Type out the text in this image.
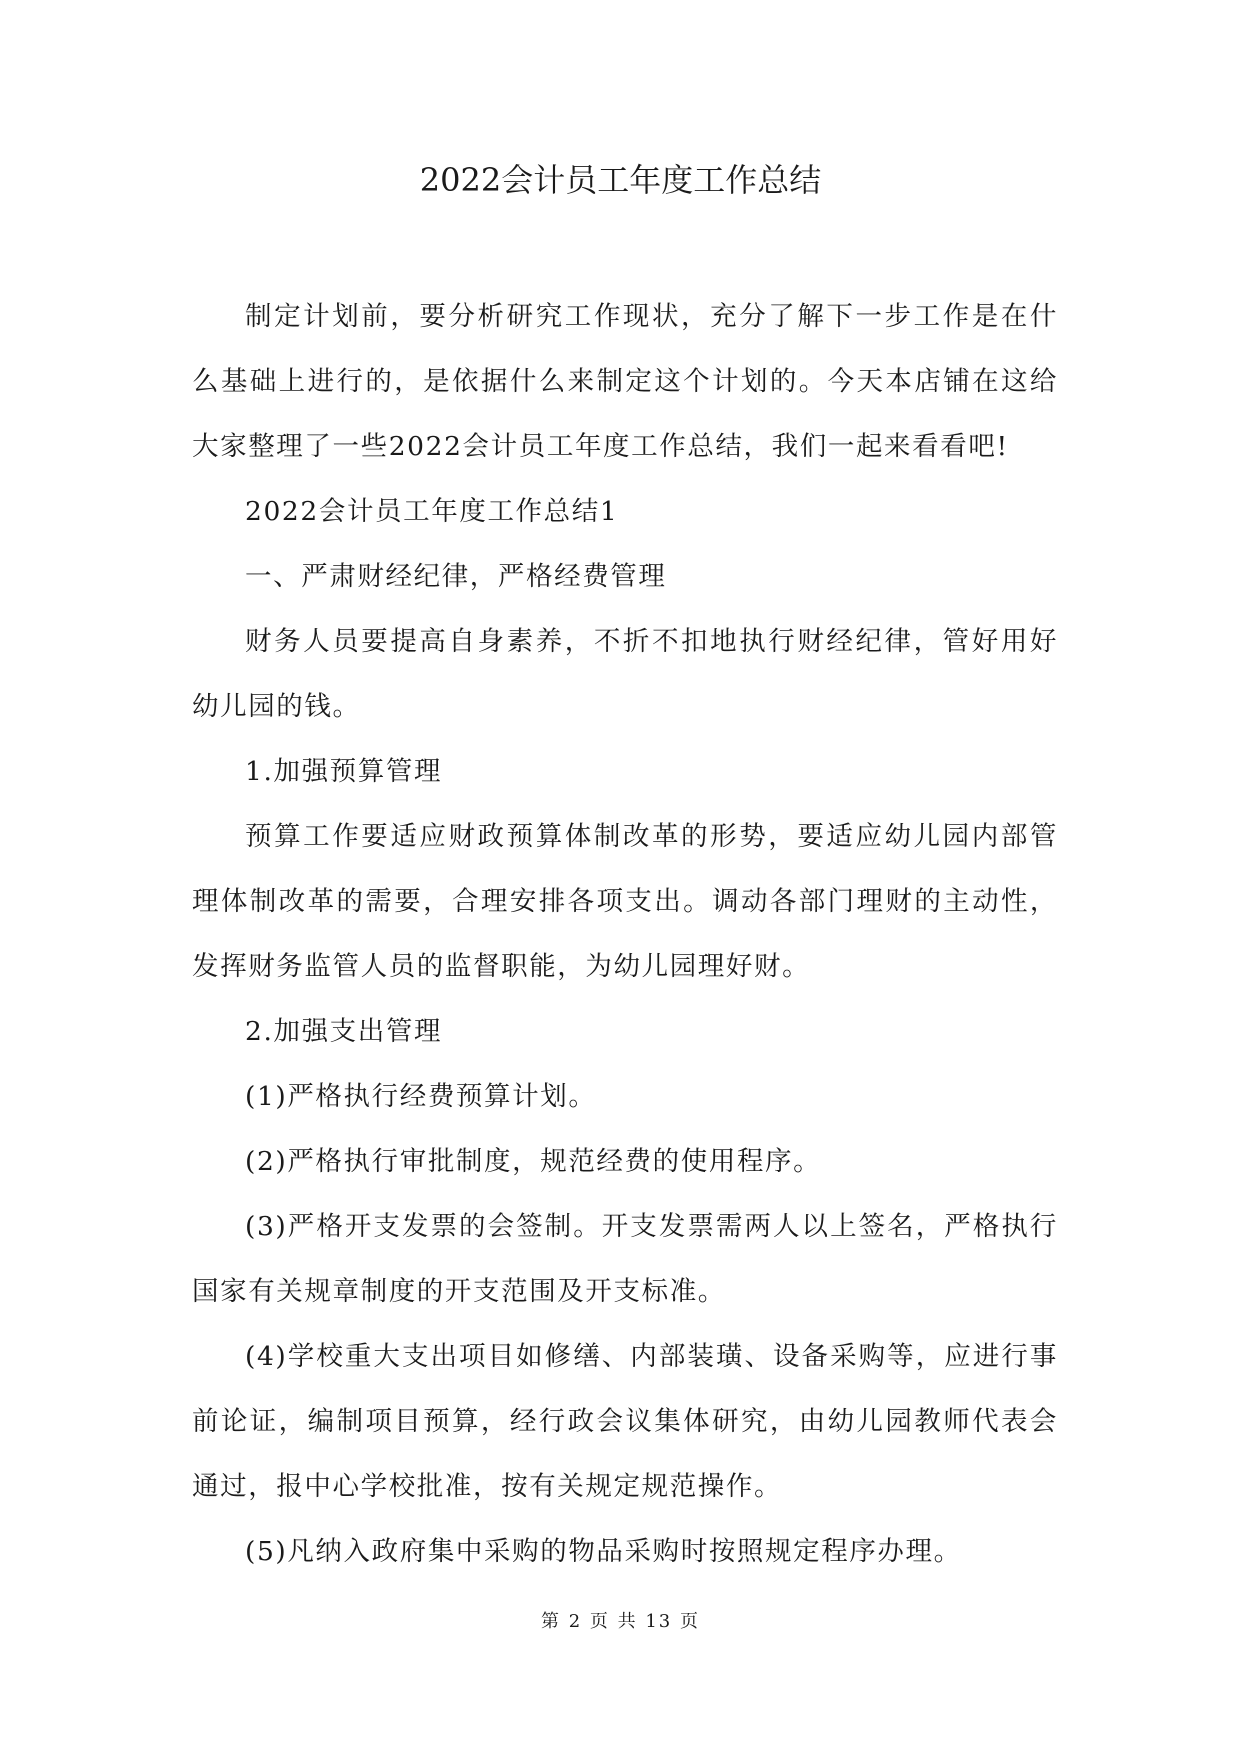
2022会计员工年度工作总结

制定计划前，要分析研究工作现状，充分了解下一步工作是在什么基础上进行的，是依据什么来制定这个计划的。今天本店铺在这给大家整理了一些2022会计员工年度工作总结，我们一起来看看吧!

2022会计员工年度工作总结1

一、严肃财经纪律，严格经费管理

财务人员要提高自身素养，不折不扣地执行财经纪律，管好用好幼儿园的钱。

1.加强预算管理

预算工作要适应财政预算体制改革的形势，要适应幼儿园内部管理体制改革的需要，合理安排各项支出。调动各部门理财的主动性，发挥财务监管人员的监督职能，为幼儿园理好财。

2.加强支出管理

(1)严格执行经费预算计划。

(2)严格执行审批制度，规范经费的使用程序。

(3)严格开支发票的会签制。开支发票需两人以上签名，严格执行国家有关规章制度的开支范围及开支标准。

(4)学校重大支出项目如修缮、内部装璜、设备采购等，应进行事前论证，编制项目预算，经行政会议集体研究，由幼儿园教师代表会通过，报中心学校批准，按有关规定规范操作。

(5)凡纳入政府集中采购的物品采购时按照规定程序办理。

第 2 页 共 13 页
